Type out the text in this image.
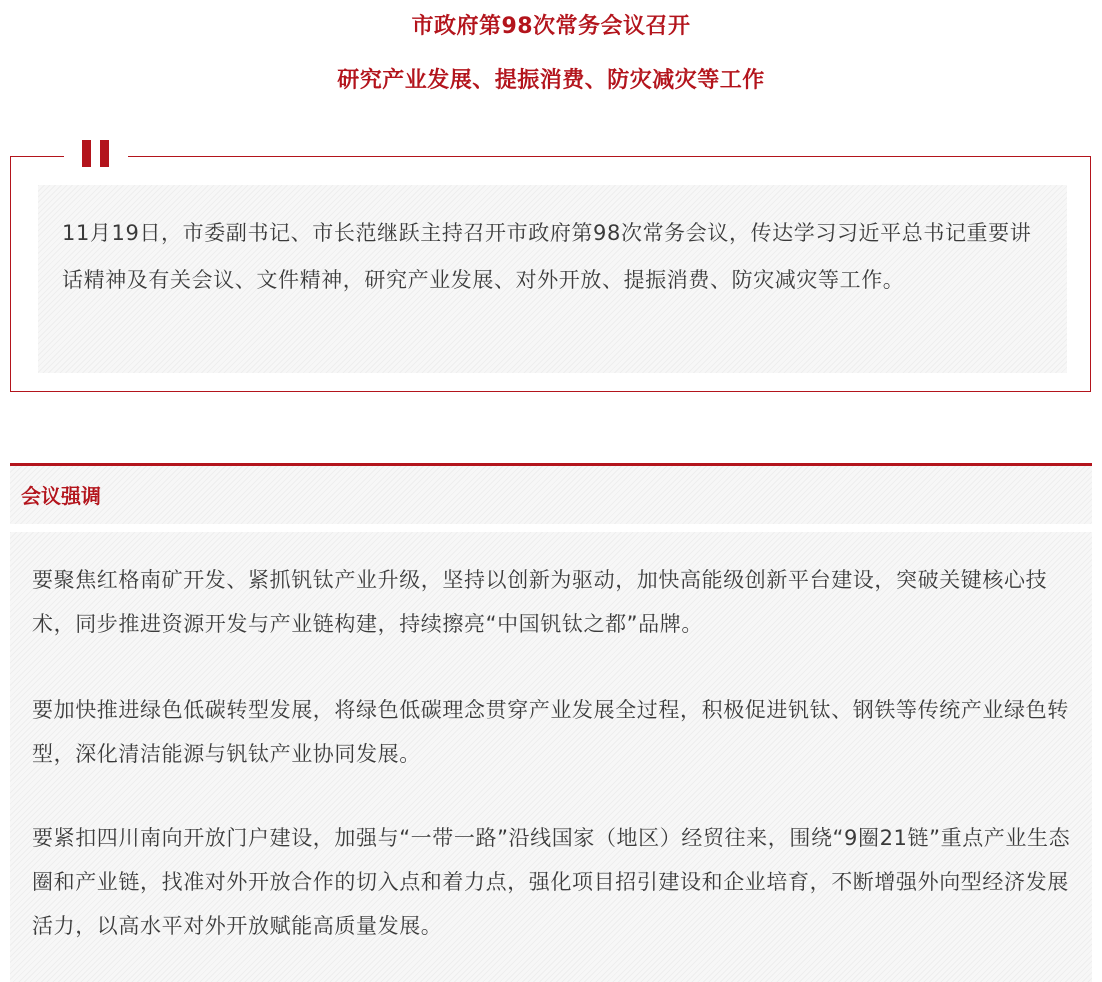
市政府第98次常务会议召开
研究产业发展、提振消费、防灾减灾等工作
11月19日，市委副书记、市长范继跃主持召开市政府第98次常务会议，传达学习习近平总书记重要讲话精神及有关会议、文件精神，研究产业发展、对外开放、提振消费、防灾减灾等工作。
会议强调
要聚焦红格南矿开发、紧抓钒钛产业升级，坚持以创新为驱动，加快高能级创新平台建设，突破关键核心技术，同步推进资源开发与产业链构建，持续擦亮“中国钒钛之都”品牌。
要加快推进绿色低碳转型发展，将绿色低碳理念贯穿产业发展全过程，积极促进钒钛、钢铁等传统产业绿色转型，深化清洁能源与钒钛产业协同发展。
要紧扣四川南向开放门户建设，加强与“一带一路”沿线国家（地区）经贸往来，围绕“9圈21链”重点产业生态圈和产业链，找准对外开放合作的切入点和着力点，强化项目招引建设和企业培育，不断增强外向型经济发展活力，以高水平对外开放赋能高质量发展。
